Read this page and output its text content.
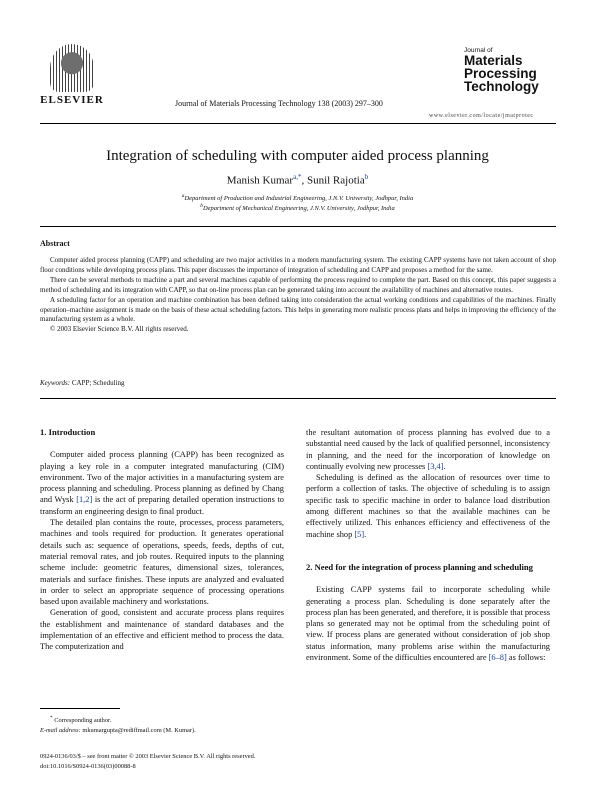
ELSEVIER	Journal of Materials Processing Technology 138 (2003) 297–300
Journal of
Materials
Processing
Technology
www.elsevier.com/locate/jmatprotec
Integration of scheduling with computer aided process planning
Manish Kumar$^{a,*}$, Sunil Rajotia$^b$
$^a$Department of Production and Industrial Engineering, J.N.V. University, Jodhpur, India
$^b$Department of Mechanical Engineering, J.N.V. University, Jodhpur, India
Abstract

Computer aided process planning (CAPP) and scheduling are two major activities in a modern manufacturing system. The existing CAPP systems have not taken account of shop floor conditions while developing process plans. This paper discusses the importance of integration of scheduling and CAPP and proposes a method for the same.

There can be several methods to machine a part and several machines capable of performing the process required to complete the part. Based on this concept, this paper suggests a method of scheduling and its integration with CAPP, so that on-line process plan can be generated taking into account the availability of machines and alternative routes.

A scheduling factor for an operation and machine combination has been defined taking into consideration the actual working conditions and capabilities of the machines. Finally operation–machine assignment is made on the basis of these actual scheduling factors. This helps in generating more realistic process plans and helps in improving the efficiency of the manufacturing system as a whole.

© 2003 Elsevier Science B.V. All rights reserved.

Keywords: CAPP; Scheduling
1. Introduction

Computer aided process planning (CAPP) has been recognized as playing a key role in a computer integrated manufacturing (CIM) environment. Two of the major activities in a manufacturing system are process planning and scheduling. Process planning as defined by Chang and Wysk [1,2] is the act of preparing detailed operation instructions to transform an engineering design to final product.

The detailed plan contains the route, processes, process parameters, machines and tools required for production. It generates operational details such as: sequence of operations, speeds, feeds, depths of cut, material removal rates, and job routes. Required inputs to the planning scheme include: geometric features, dimensional sizes, tolerances, materials and surface finishes. These inputs are analyzed and evaluated in order to select an appropriate sequence of processing operations based upon available machinery and workstations.

Generation of good, consistent and accurate process plans requires the establishment and maintenance of standard databases and the implementation of an effective and efficient method to process the data. The computerization and

the resultant automation of process planning has evolved due to a substantial need caused by the lack of qualified personnel, inconsistency in planning, and the need for the incorporation of knowledge on continually evolving new processes [3,4].

Scheduling is defined as the allocation of resources over time to perform a collection of tasks. The objective of scheduling is to assign specific task to specific machine in order to balance load distribution among different machines so that the available machines can be effectively utilized. This enhances efficiency and effectiveness of the machine shop [5].

2. Need for the integration of process planning and scheduling

Existing CAPP systems fail to incorporate scheduling while generating a process plan. Scheduling is done separately after the process plan has been generated, and therefore, it is possible that process plans so generated may not be optimal from the scheduling point of view. If process plans are generated without consideration of job shop status information, many problems arise within the manufacturing environment. Some of the difficulties encountered are [6–8] as follows:

* Corresponding author.
E-mail address: mkumargupta@rediffmail.com (M. Kumar).
0924-0136/03/$ – see front matter © 2003 Elsevier Science B.V. All rights reserved.
doi:10.1016/S0924-0136(03)00088-8
